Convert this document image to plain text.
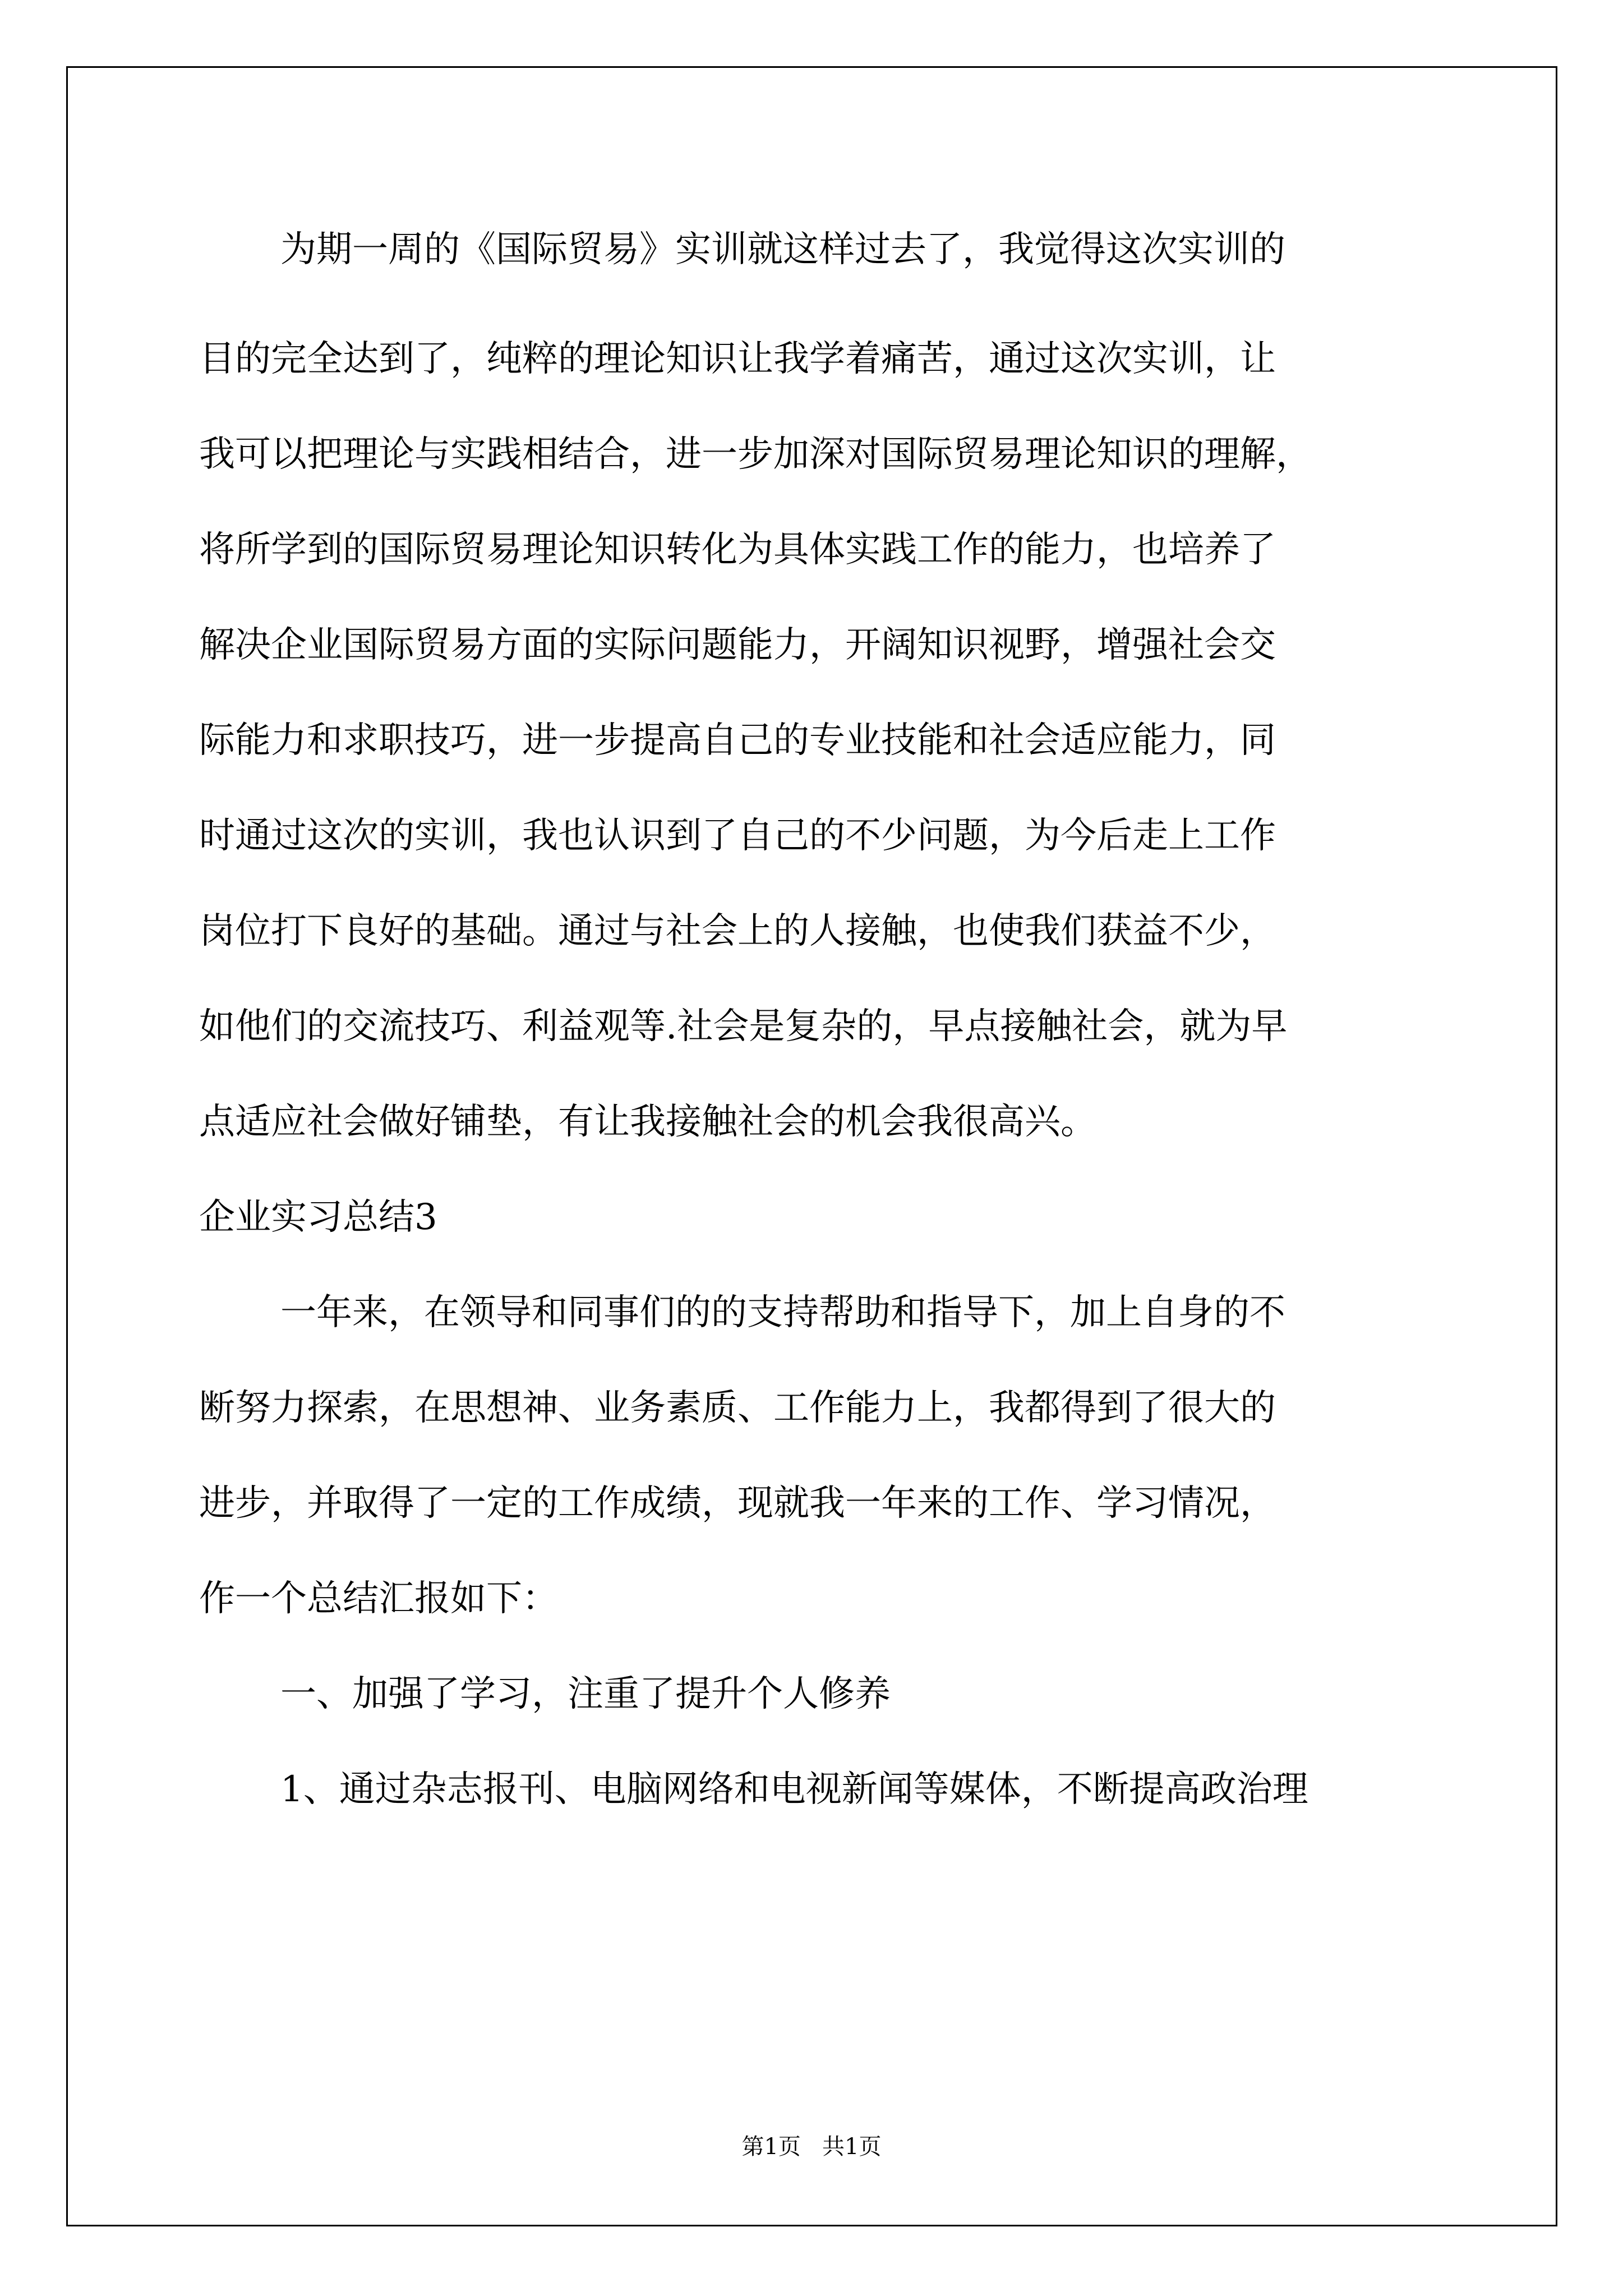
为期一周的《国际贸易》实训就这样过去了，我觉得这次实训的
目的完全达到了，纯粹的理论知识让我学着痛苦，通过这次实训，让
我可以把理论与实践相结合，进一步加深对国际贸易理论知识的理解，
将所学到的国际贸易理论知识转化为具体实践工作的能力，也培养了
解决企业国际贸易方面的实际问题能力，开阔知识视野，增强社会交
际能力和求职技巧，进一步提高自己的专业技能和社会适应能力，同
时通过这次的实训，我也认识到了自己的不少问题，为今后走上工作
岗位打下良好的基础。通过与社会上的人接触，也使我们获益不少，
如他们的交流技巧、利益观等.社会是复杂的，早点接触社会，就为早
点适应社会做好铺垫，有让我接触社会的机会我很高兴。
企业实习总结3
一年来，在领导和同事们的的支持帮助和指导下，加上自身的不
断努力探索，在思想神、业务素质、工作能力上，我都得到了很大的
进步，并取得了一定的工作成绩，现就我一年来的工作、学习情况，
作一个总结汇报如下：
一、加强了学习，注重了提升个人修养
1、通过杂志报刊、电脑网络和电视新闻等媒体，不断提高政治理
第1页   共1页
